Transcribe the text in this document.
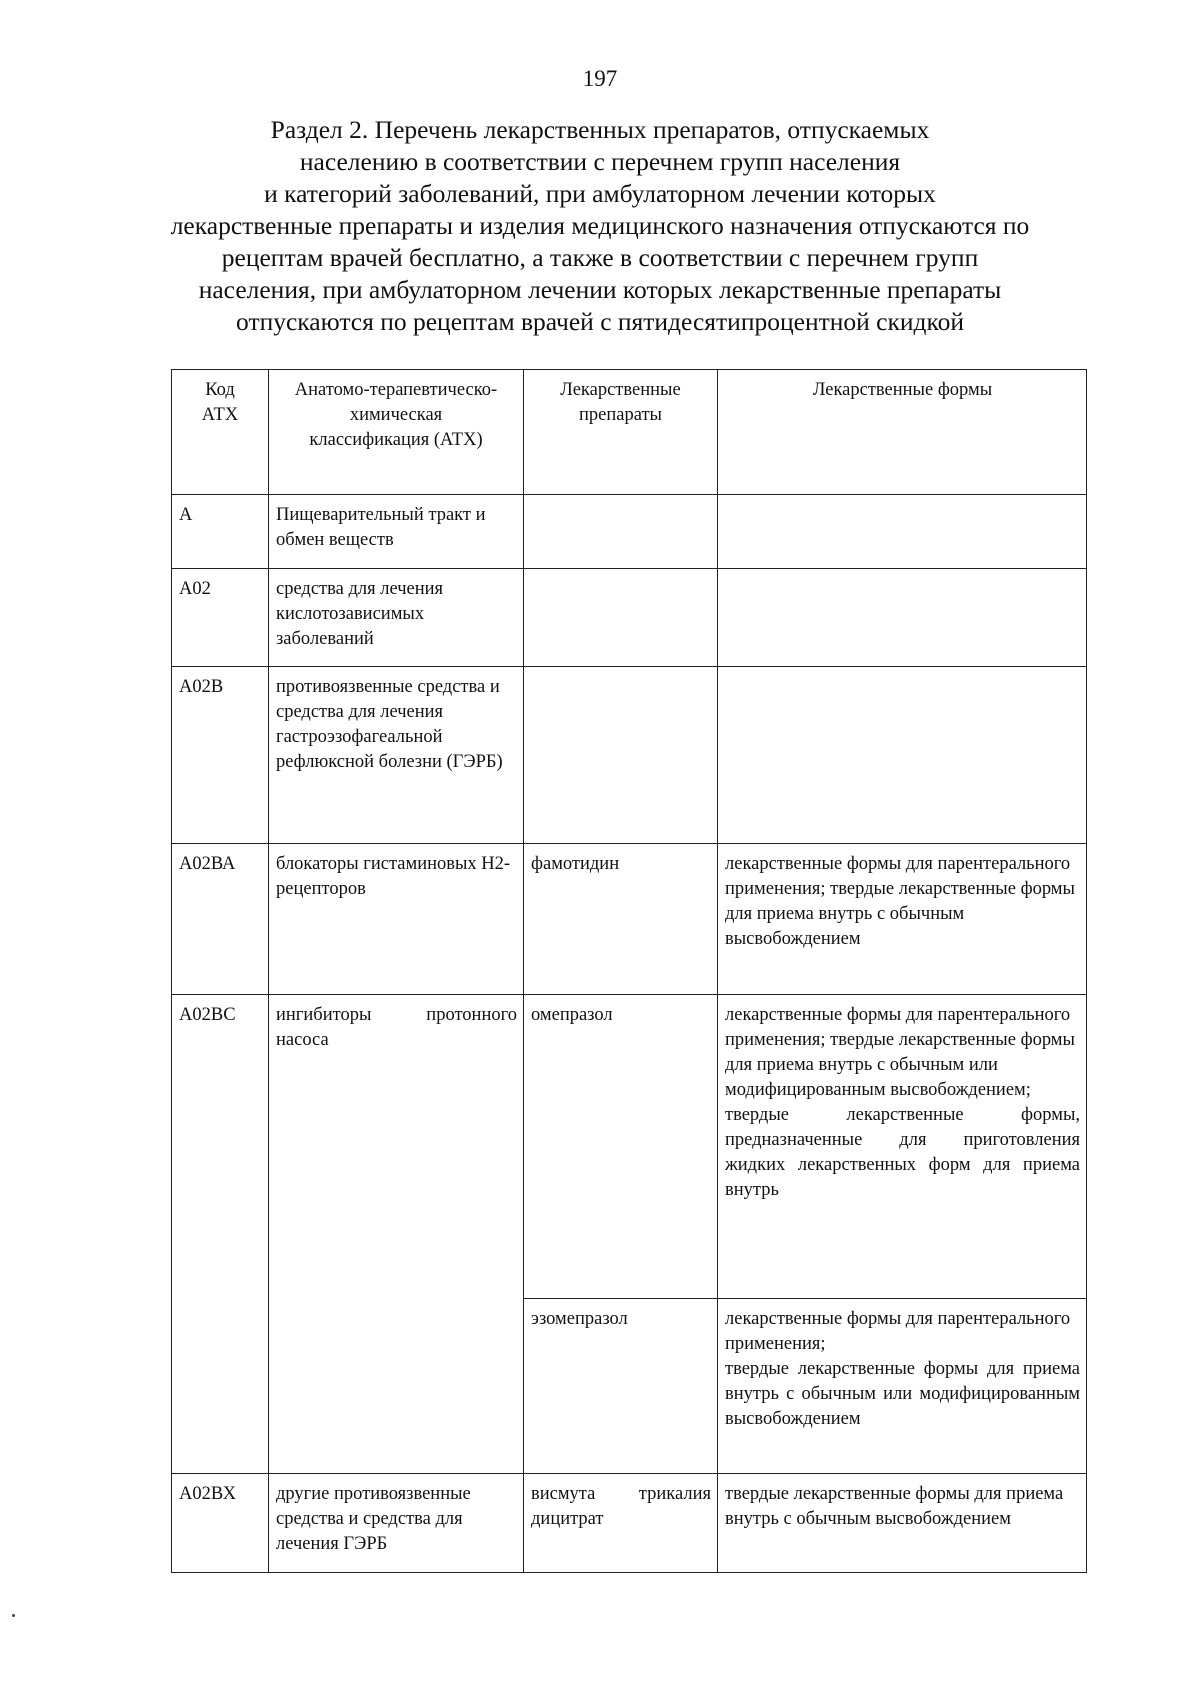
197
Раздел 2. Перечень лекарственных препаратов, отпускаемых
населению в соответствии с перечнем групп населения
и категорий заболеваний, при амбулаторном лечении которых
лекарственные препараты и изделия медицинского назначения отпускаются по
рецептам врачей бесплатно, а также в соответствии с перечнем групп
населения, при амбулаторном лечении которых лекарственные препараты
отпускаются по рецептам врачей с пятидесятипроцентной скидкой
Код АТХ	Анатомо-терапевтическо-химическая классификация (АТХ)	Лекарственные препараты	Лекарственные формы
А	Пищеварительный тракт и обмен веществ		
А02	средства для лечения кислотозависимых заболеваний		
А02В	противоязвенные средства и средства для лечения гастроэзофагеальной рефлюксной болезни (ГЭРБ)		
А02ВА	блокаторы гистаминовых Н2-рецепторов	фамотидин	лекарственные формы для парентерального применения; твердые лекарственные формы для приема внутрь с обычным высвобождением
А02ВС	ингибиторы протонного насоса	омепразол	лекарственные формы для парентерального применения; твердые лекарственные формы для приема внутрь с обычным или модифицированным высвобождением;
твердые лекарственные формы, предназначенные для приготовления жидких лекарственных форм для приема внутрь

		эзомепразол	лекарственные формы для парентерального применения;
твердые лекарственные формы для приема внутрь с обычным или модифицированным высвобождением

А02ВХ	другие противоязвенные средства и средства для лечения ГЭРБ	висмута трикалия дицитрат	твердые лекарственные формы для приема внутрь с обычным высвобождением
